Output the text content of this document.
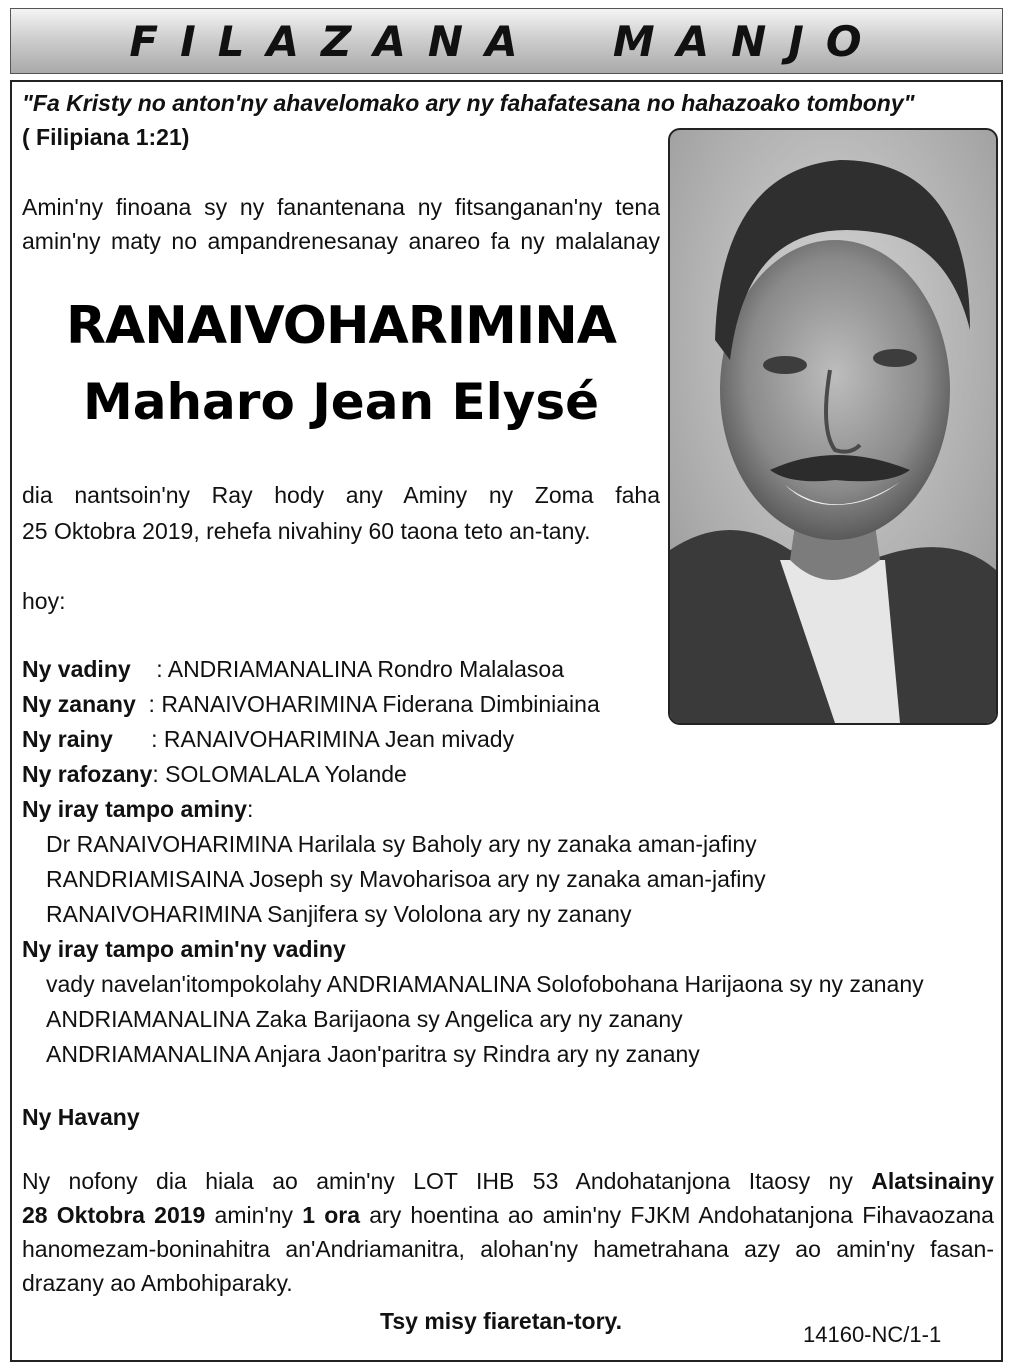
FILAZANA  MANJO
"Fa Kristy no anton'ny ahavelomako ary ny fahafatesana no hahazoako tombony"
( Filipiana 1:21)
Amin'ny finoana sy ny fanantenana ny fitsanganan'ny tena
amin'ny maty no ampandrenesanay anareo fa ny malalanay
RANAIVOHARIMINA
Maharo Jean Elysé
dia nantsoin'ny Ray hody any Aminy ny Zoma faha
25 Oktobra 2019, rehefa nivahiny 60 taona teto an-tany.
hoy:
Ny vadiny    : ANDRIAMANALINA Rondro Malalasoa
Ny zanany  : RANAIVOHARIMINA Fiderana Dimbiniaina
Ny rainy      : RANAIVOHARIMINA Jean mivady
Ny rafozany: SOLOMALALA Yolande
Ny iray tampo aminy:
Dr RANAIVOHARIMINA Harilala sy Baholy ary ny zanaka aman-jafiny
RANDRIAMISAINA Joseph sy Mavoharisoa ary ny zanaka aman-jafiny
RANAIVOHARIMINA Sanjifera sy Vololona ary ny zanany
Ny iray tampo amin'ny vadiny
vady navelan'itompokolahy ANDRIAMANALINA Solofobohana Harijaona sy ny zanany
ANDRIAMANALINA Zaka Barijaona sy Angelica ary ny zanany
ANDRIAMANALINA Anjara Jaon'paritra sy Rindra ary ny zanany
Ny Havany
Ny nofony dia hiala ao amin'ny LOT IHB 53 Andohatanjona Itaosy ny Alatsinainy
28 Oktobra 2019 amin'ny 1 ora ary hoentina ao amin'ny FJKM Andohatanjona Fihavaozana
hanomezam-boninahitra an'Andriamanitra, alohan'ny hametrahana azy ao amin'ny fasan-
drazany ao Ambohiparaky.
Tsy misy fiaretan-tory.
14160-NC/1-1
